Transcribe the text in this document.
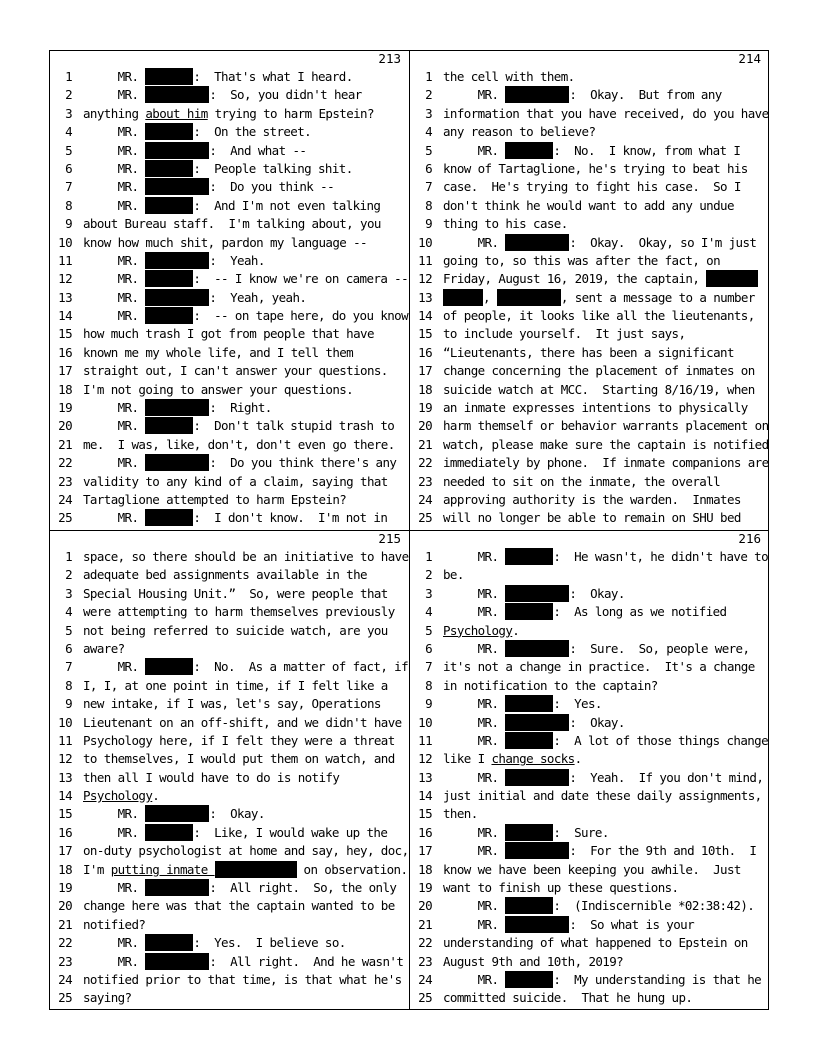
213
1 MR.	:  That's what I heard.
2 MR.	:  So, you didn't hear
3 anything about him trying to harm Epstein?
4 MR.	:  On the street.
5 MR.	:  And what --
6 MR.	:  People talking shit.
7 MR.	:  Do you think --
8 MR.	:  And I'm not even talking
9 about Bureau staff.  I'm talking about, you
10 know how much shit, pardon my language --
11 MR.	:  Yeah.
12 MR.	:  -- I know we're on camera --
13 MR.	:  Yeah, yeah.
14 MR.	:  -- on tape here, do you know
15 how much trash I got from people that have
16 known me my whole life, and I tell them
17 straight out, I can't answer your questions.
18 I'm not going to answer your questions.
19 MR.	:  Right.
20 MR.	:  Don't talk stupid trash to
21 me.  I was, like, don't, don't even go there.
22 MR.	:  Do you think there's any
23 validity to any kind of a claim, saying that
24 Tartaglione attempted to harm Epstein?
25 MR.	:  I don't know.  I'm not in
214
1 the cell with them.
2 MR.	:  Okay.  But from any
3 information that you have received, do you have
4 any reason to believe?
5 MR.	:  No.  I know, from what I
6 know of Tartaglione, he's trying to beat his
7 case.  He's trying to fight his case.  So I
8 don't think he would want to add any undue
9 thing to his case.
10 MR.	:  Okay.  Okay, so I'm just
11 going to, so this was after the fact, on
12 Friday, August 16, 2019, the captain,
13	,	, sent a message to a number
14 of people, it looks like all the lieutenants,
15 to include yourself.  It just says,
16 “Lieutenants, there has been a significant
17 change concerning the placement of inmates on
18 suicide watch at MCC.  Starting 8/16/19, when
19 an inmate expresses intentions to physically
20 harm themself or behavior warrants placement on
21 watch, please make sure the captain is notified
22 immediately by phone.  If inmate companions are
23 needed to sit on the inmate, the overall
24 approving authority is the warden.  Inmates
25 will no longer be able to remain on SHU bed
215
1 space, so there should be an initiative to have
2 adequate bed assignments available in the
3 Special Housing Unit.”  So, were people that
4 were attempting to harm themselves previously
5 not being referred to suicide watch, are you
6 aware?
7 MR.	:  No.  As a matter of fact, if
8 I, I, at one point in time, if I felt like a
9 new intake, if I was, let's say, Operations
10 Lieutenant on an off-shift, and we didn't have
11 Psychology here, if I felt they were a threat
12 to themselves, I would put them on watch, and
13 then all I would have to do is notify
14 Psychology.
15 MR.	:  Okay.
16 MR.	:  Like, I would wake up the
17 on-duty psychologist at home and say, hey, doc,
18 I'm putting inmate	on observation.
19 MR.	:  All right.  So, the only
20 change here was that the captain wanted to be
21 notified?
22 MR.	:  Yes.  I believe so.
23 MR.	:  All right.  And he wasn't
24 notified prior to that time, is that what he's
25 saying?
216
1 MR.	:  He wasn't, he didn't have to
2 be.
3 MR.	:  Okay.
4 MR.	:  As long as we notified
5 Psychology.
6 MR.	:  Sure.  So, people were,
7 it's not a change in practice.  It's a change
8 in notification to the captain?
9 MR.	:  Yes.
10 MR.	:  Okay.
11 MR.	:  A lot of those things change
12 like I change socks.
13 MR.	:  Yeah.  If you don't mind,
14 just initial and date these daily assignments,
15 then.
16 MR.	:  Sure.
17 MR.	:  For the 9th and 10th.  I
18 know we have been keeping you awhile.  Just
19 want to finish up these questions.
20 MR.	:  (Indiscernible *02:38:42).
21 MR.	:  So what is your
22 understanding of what happened to Epstein on
23 August 9th and 10th, 2019?
24 MR.	:  My understanding is that he
25 committed suicide.  That he hung up.
